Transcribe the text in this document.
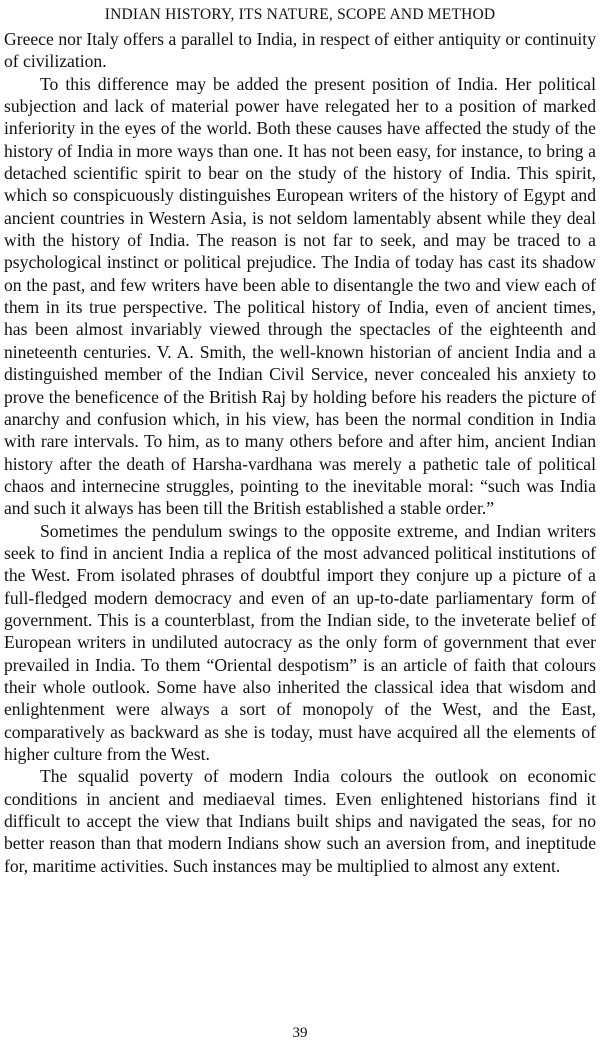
INDIAN HISTORY, ITS NATURE, SCOPE AND METHOD

Greece nor Italy offers a parallel to India, in respect of either antiquity or continuity of civilization.

To this difference may be added the present position of India. Her political subjection and lack of material power have relegated her to a position of marked inferiority in the eyes of the world. Both these causes have affected the study of the history of India in more ways than one. It has not been easy, for instance, to bring a detached scientific spirit to bear on the study of the history of India. This spirit, which so conspicuously distinguishes European writers of the history of Egypt and ancient countries in Western Asia, is not seldom lamentably absent while they deal with the history of India. The reason is not far to seek, and may be traced to a psychological instinct or political prejudice. The India of today has cast its shadow on the past, and few writers have been able to disentangle the two and view each of them in its true perspective. The political history of India, even of ancient times, has been almost invariably viewed through the spectacles of the eighteenth and nineteenth centuries. V. A. Smith, the well-known historian of ancient India and a distinguished member of the Indian Civil Service, never concealed his anxiety to prove the beneficence of the British Raj by holding before his readers the picture of anarchy and confusion which, in his view, has been the normal condition in India with rare intervals. To him, as to many others before and after him, ancient Indian history after the death of Harsha-vardhana was merely a pathetic tale of political chaos and internecine struggles, pointing to the inevitable moral: “such was India and such it always has been till the British established a stable order.”

Sometimes the pendulum swings to the opposite extreme, and Indian writers seek to find in ancient India a replica of the most advanced political institutions of the West. From isolated phrases of doubtful import they conjure up a picture of a full-fledged modern democracy and even of an up-to-date parliamentary form of government. This is a counterblast, from the Indian side, to the inveterate belief of European writers in undiluted autocracy as the only form of government that ever prevailed in India. To them “Oriental despotism” is an article of faith that colours their whole outlook. Some have also inherited the classical idea that wisdom and enlightenment were always a sort of monopoly of the West, and the East, comparatively as backward as she is today, must have acquired all the elements of higher culture from the West.

The squalid poverty of modern India colours the outlook on economic conditions in ancient and mediaeval times. Even enlightened historians find it difficult to accept the view that Indians built ships and navigated the seas, for no better reason than that modern Indians show such an aversion from, and ineptitude for, maritime activities. Such instances may be multiplied to almost any extent.

39
